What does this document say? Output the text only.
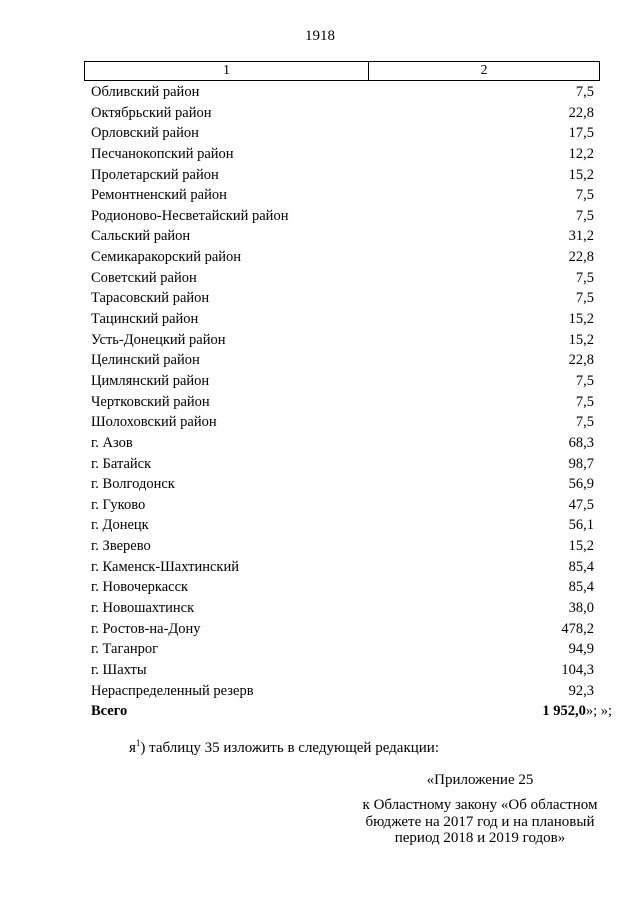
1918
1	2
Обливский район	7,5
Октябрьский район	22,8
Орловский район	17,5
Песчанокопский район	12,2
Пролетарский район	15,2
Ремонтненский район	7,5
Родионово-Несветайский район	7,5
Сальский район	31,2
Семикаракорский район	22,8
Советский район	7,5
Тарасовский район	7,5
Тацинский район	15,2
Усть-Донецкий район	15,2
Целинский район	22,8
Цимлянский район	7,5
Чертковский район	7,5
Шолоховский район	7,5
г. Азов	68,3
г. Батайск	98,7
г. Волгодонск	56,9
г. Гуково	47,5
г. Донецк	56,1
г. Зверево	15,2
г. Каменск-Шахтинский	85,4
г. Новочеркасск	85,4
г. Новошахтинск	38,0
г. Ростов-на-Дону	478,2
г. Таганрог	94,9
г. Шахты	104,3
Нераспределенный резерв	92,3
Всего	1 952,0»; »;
$я^1$) таблицу 35 изложить в следующей редакции:
«Приложение 25
к Областному закону «Об областном
бюджете на 2017 год и на плановый
период 2018 и 2019 годов»
